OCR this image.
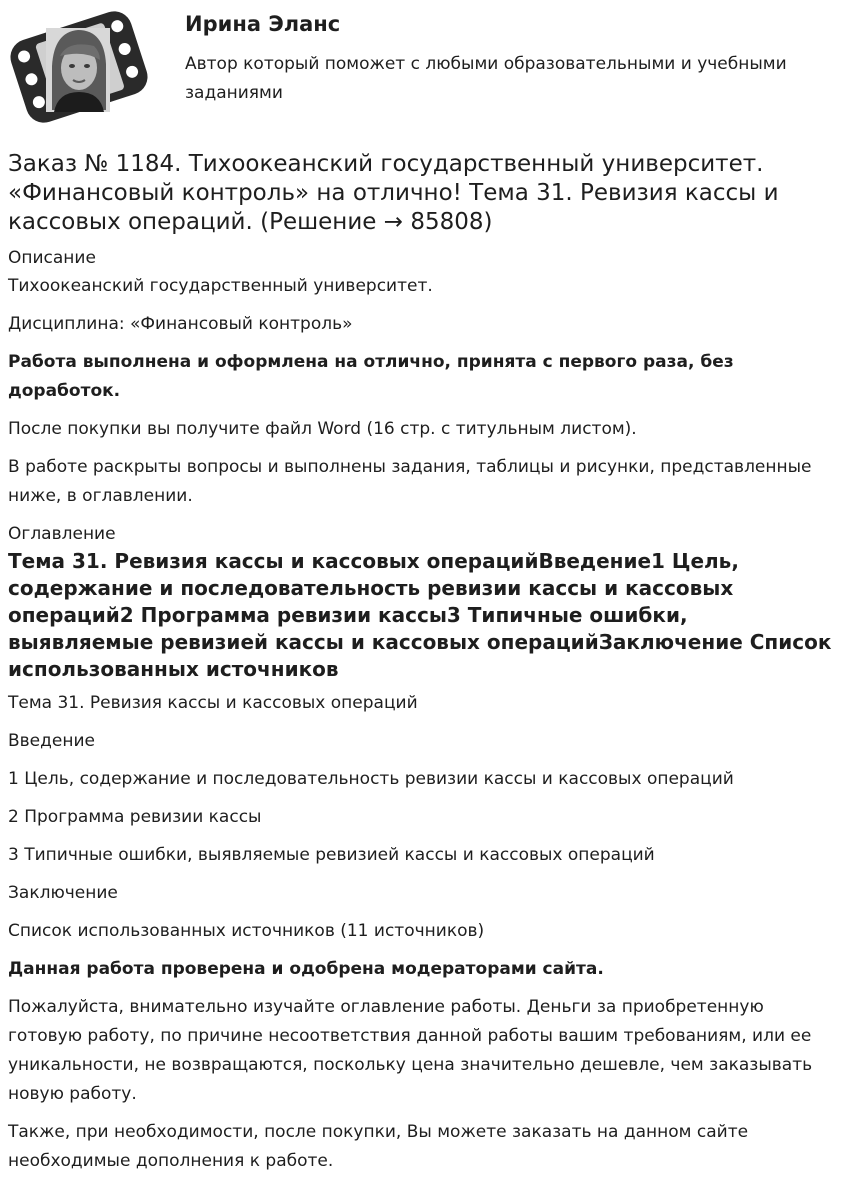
Ирина Эланс

Автор который поможет с любыми образовательными и учебными заданиями

Заказ № 1184. Тихоокеанский государственный университет. «Финансовый контроль» на отлично! Тема 31. Ревизия кассы и кассовых операций. (Решение → 85808)

Описание

Тихоокеанский государственный университет.

Дисциплина: «Финансовый контроль»

Работа выполнена и оформлена на отлично, принята с первого раза, без доработок.

После покупки вы получите файл Word (16 стр. с титульным листом).

В работе раскрыты вопросы и выполнены задания, таблицы и рисунки, представленные ниже, в оглавлении.

Оглавление

Тема 31. Ревизия кассы и кассовых операцийВведение1 Цель, содержание и последовательность ревизии кассы и кассовых операций2 Программа ревизии кассы3 Типичные ошибки, выявляемые ревизией кассы и кассовых операцийЗаключение Список использованных источников
Тема 31. Ревизия кассы и кассовых операций
Введение
1 Цель, содержание и последовательность ревизии кассы и кассовых операций
2 Программа ревизии кассы
3 Типичные ошибки, выявляемые ревизией кассы и кассовых операций
Заключение
Список использованных источников (11 источников)

Данная работа проверена и одобрена модераторами сайта.

Пожалуйста, внимательно изучайте оглавление работы. Деньги за приобретенную готовую работу, по причине несоответствия данной работы вашим требованиям, или ее уникальности, не возвращаются, поскольку цена значительно дешевле, чем заказывать новую работу.

Также, при необходимости, после покупки, Вы можете заказать на данном сайте необходимые дополнения к работе.
